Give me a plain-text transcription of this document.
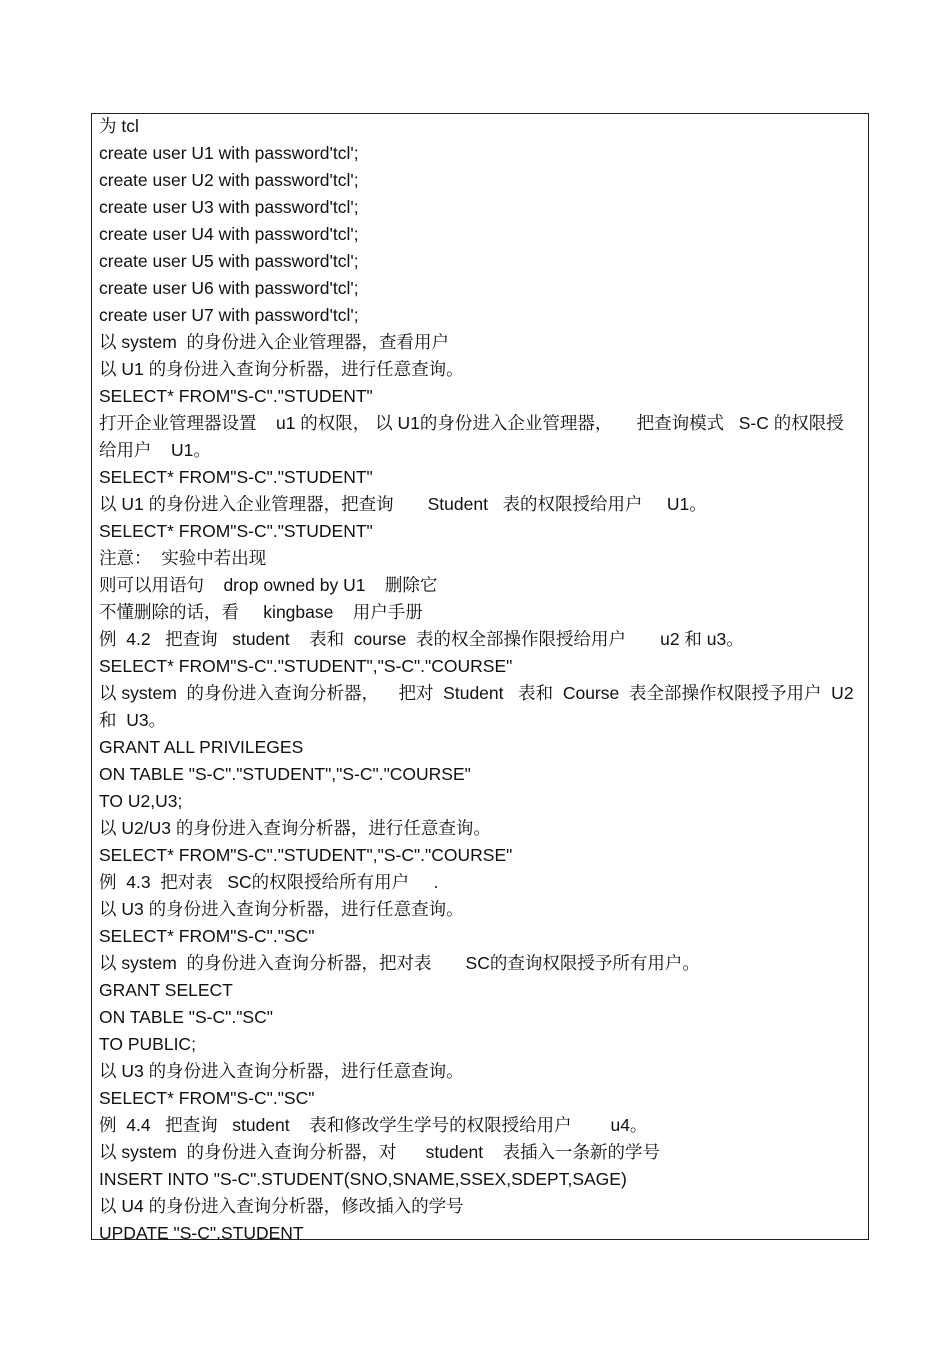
为 tcl
create user U1 with password'tcl';
create user U2 with password'tcl';
create user U3 with password'tcl';
create user U4 with password'tcl';
create user U5 with password'tcl';
create user U6 with password'tcl';
create user U7 with password'tcl';
以 system  的身份进入企业管理器，查看用户
以 U1 的身份进入查询分析器，进行任意查询。
SELECT* FROM"S-C"."STUDENT"
打开企业管理器设置    u1 的权限， 以 U1的身份进入企业管理器，     把查询模式   S-C 的权限授给用户    U1。
SELECT* FROM"S-C"."STUDENT"
以 U1 的身份进入企业管理器，把查询       Student   表的权限授给用户     U1。
SELECT* FROM"S-C"."STUDENT"
注意：  实验中若出现
则可以用语句    drop owned by U1    删除它
不懂删除的话，看     kingbase    用户手册
例  4.2   把查询   student    表和  course  表的权全部操作限授给用户       u2 和 u3。
SELECT* FROM"S-C"."STUDENT","S-C"."COURSE"
以 system  的身份进入查询分析器，    把对  Student   表和  Course  表全部操作权限授予用户  U2 和  U3。
GRANT ALL PRIVILEGES
ON TABLE "S-C"."STUDENT","S-C"."COURSE"
TO U2,U3;
以 U2/U3 的身份进入查询分析器，进行任意查询。
SELECT* FROM"S-C"."STUDENT","S-C"."COURSE"
例  4.3  把对表   SC的权限授给所有用户     .
以 U3 的身份进入查询分析器，进行任意查询。
SELECT* FROM"S-C"."SC"
以 system  的身份进入查询分析器，把对表       SC的查询权限授予所有用户。
GRANT SELECT
ON TABLE "S-C"."SC"
TO PUBLIC;
以 U3 的身份进入查询分析器，进行任意查询。
SELECT* FROM"S-C"."SC"
例  4.4   把查询   student    表和修改学生学号的权限授给用户        u4。
以 system  的身份进入查询分析器，对      student    表插入一条新的学号
INSERT INTO "S-C".STUDENT(SNO,SNAME,SSEX,SDEPT,SAGE)
以 U4 的身份进入查询分析器，修改插入的学号
UPDATE "S-C".STUDENT
